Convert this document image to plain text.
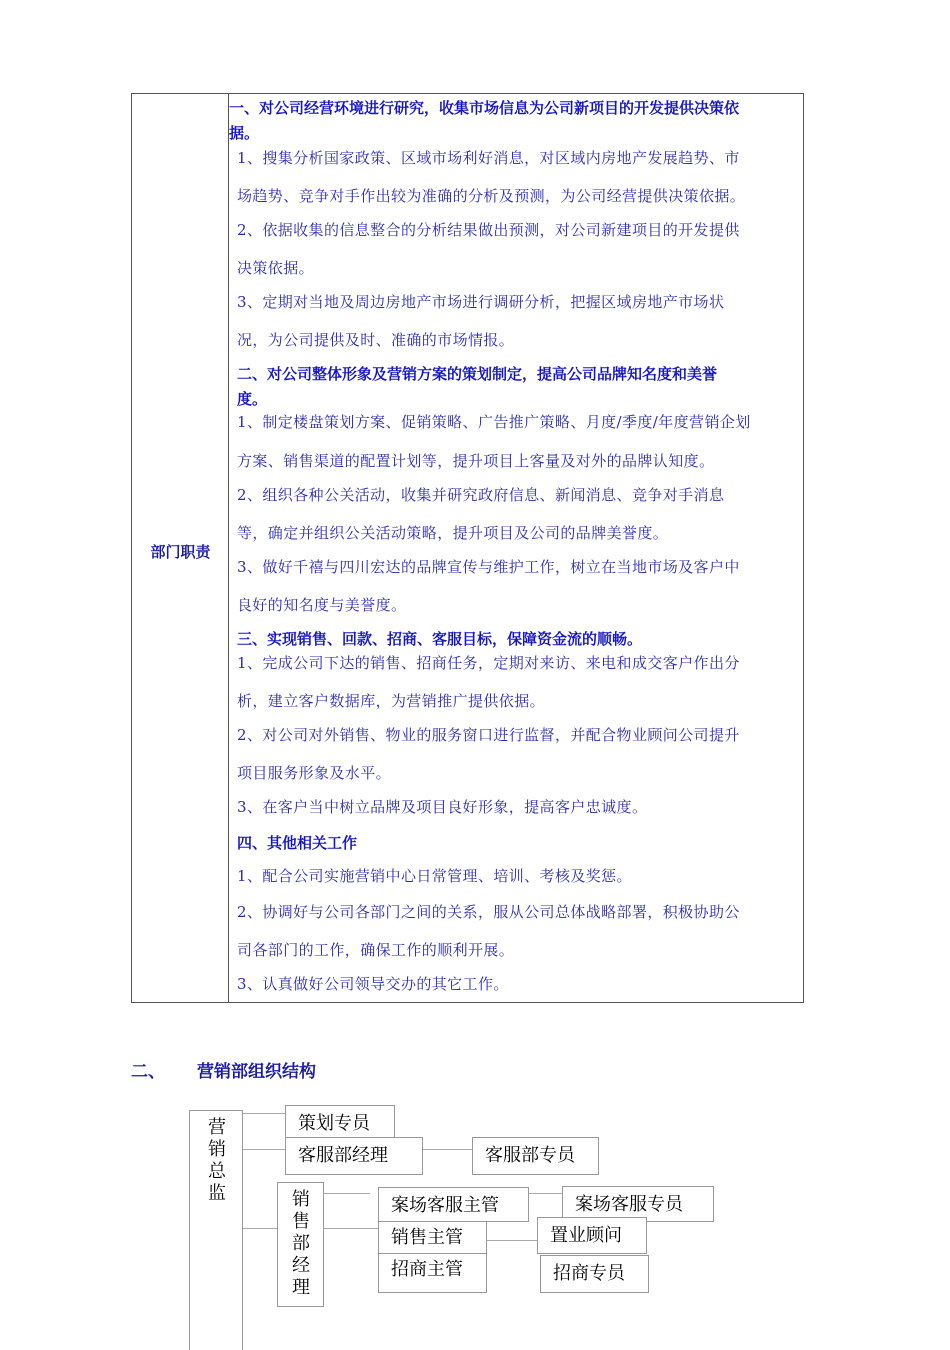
部门职责
一、对公司经营环境进行研究，收集市场信息为公司新项目的开发提供决策依
据。
1、搜集分析国家政策、区域市场利好消息，对区域内房地产发展趋势、市
场趋势、竞争对手作出较为准确的分析及预测，为公司经营提供决策依据。
2、依据收集的信息整合的分析结果做出预测，对公司新建项目的开发提供
决策依据。
3、定期对当地及周边房地产市场进行调研分析，把握区域房地产市场状
况，为公司提供及时、准确的市场情报。
二、对公司整体形象及营销方案的策划制定，提高公司品牌知名度和美誉
度。
1、制定楼盘策划方案、促销策略、广告推广策略、月度/季度/年度营销企划
方案、销售渠道的配置计划等，提升项目上客量及对外的品牌认知度。
2、组织各种公关活动，收集并研究政府信息、新闻消息、竞争对手消息
等，确定并组织公关活动策略，提升项目及公司的品牌美誉度。
3、做好千禧与四川宏达的品牌宣传与维护工作，树立在当地市场及客户中
良好的知名度与美誉度。
三、实现销售、回款、招商、客服目标，保障资金流的顺畅。
1、完成公司下达的销售、招商任务，定期对来访、来电和成交客户作出分
析，建立客户数据库，为营销推广提供依据。
2、对公司对外销售、物业的服务窗口进行监督，并配合物业顾问公司提升
项目服务形象及水平。
3、在客户当中树立品牌及项目良好形象，提高客户忠诚度。
四、其他相关工作
1、配合公司实施营销中心日常管理、培训、考核及奖惩。
2、协调好与公司各部门之间的关系，服从公司总体战略部署，积极协助公
司各部门的工作，确保工作的顺利开展。
3、认真做好公司领导交办的其它工作。
二、 营销部组织结构
营销总监
策划专员
客服部经理	客服部专员
销售部经理
案场客服主管	案场客服专员
销售主管	置业顾问
招商主管	招商专员
